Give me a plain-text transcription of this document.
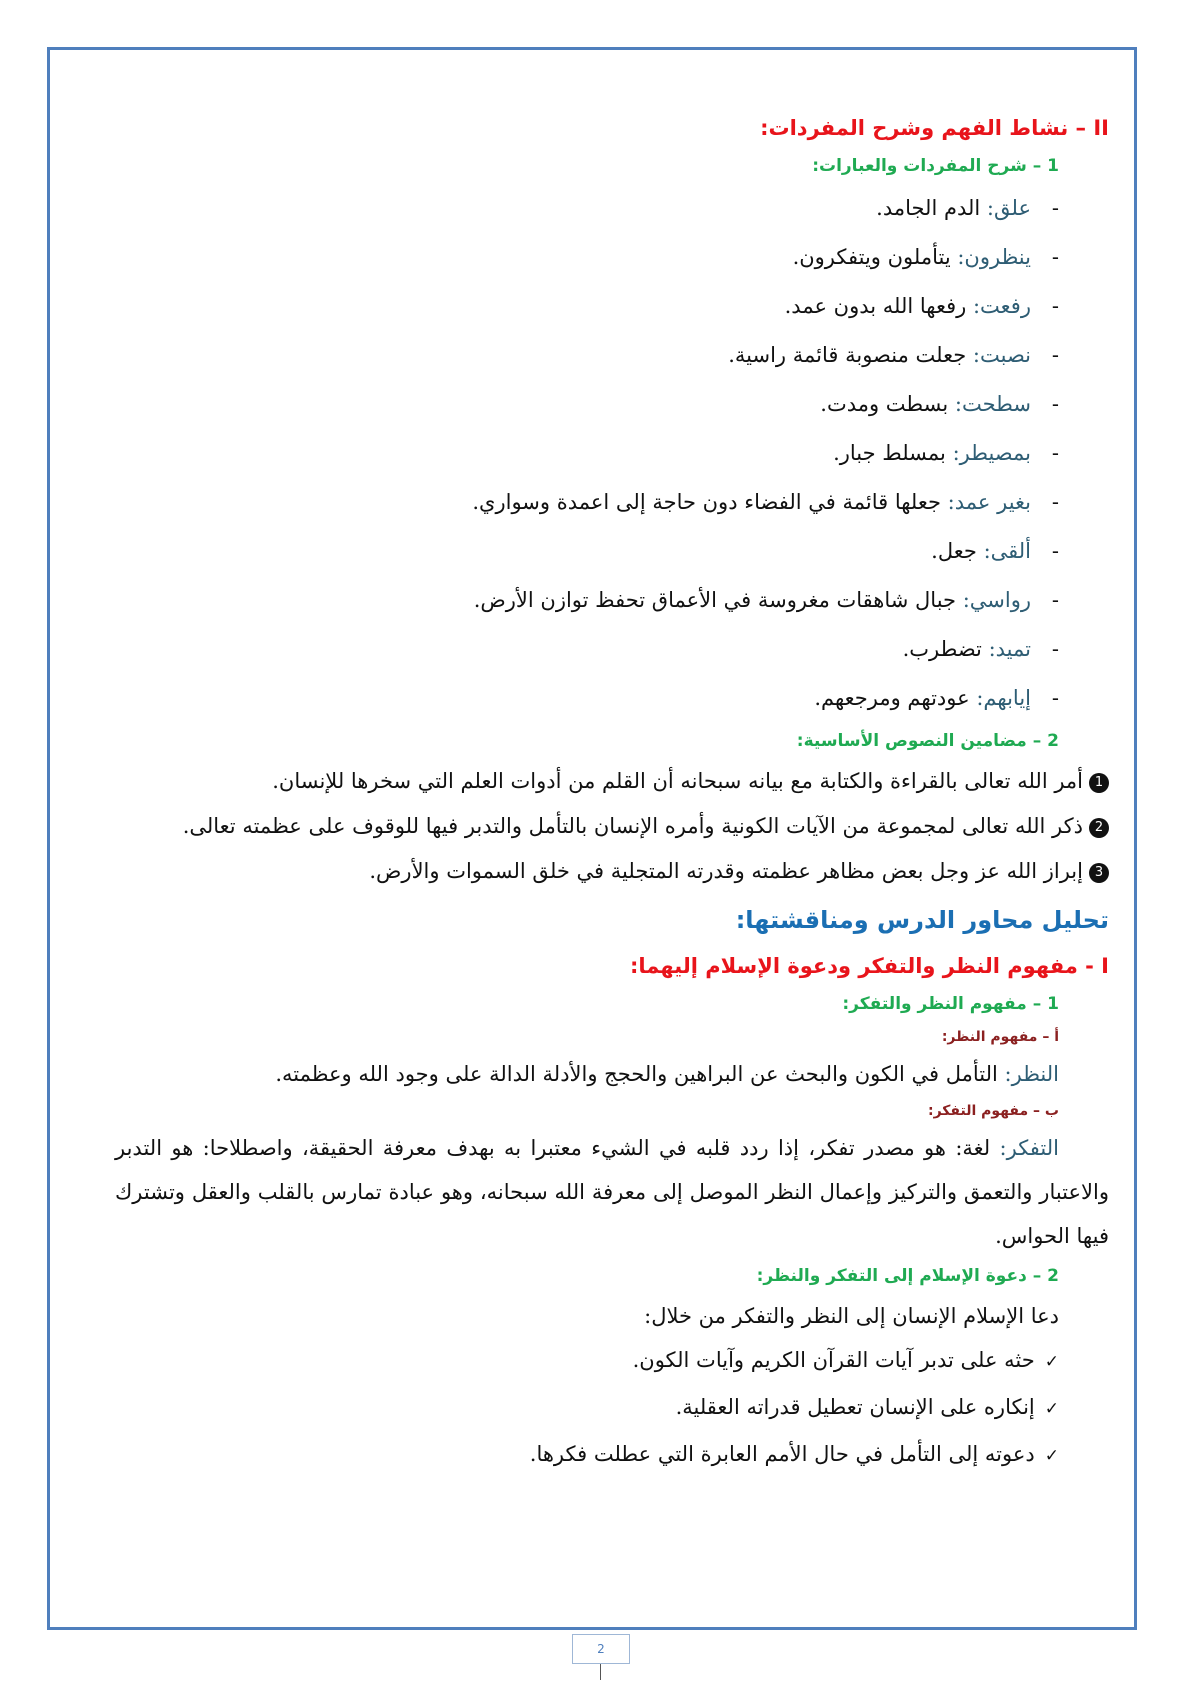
II – نشاط الفهم وشرح المفردات:
1 – شرح المفردات والعبارات:
- علق: الدم الجامد.
- ينظرون: يتأملون ويتفكرون.
- رفعت: رفعها الله بدون عمد.
- نصبت: جعلت منصوبة قائمة راسية.
- سطحت: بسطت ومدت.
- بمصيطر: بمسلط جبار.
- بغير عمد: جعلها قائمة في الفضاء دون حاجة إلى اعمدة وسواري.
- ألقى: جعل.
- رواسي: جبال شاهقات مغروسة في الأعماق تحفظ توازن الأرض.
- تميد: تضطرب.
- إيابهم: عودتهم ومرجعهم.
2 – مضامين النصوص الأساسية:
1أمر الله تعالى بالقراءة والكتابة مع بيانه سبحانه أن القلم من أدوات العلم التي سخرها للإنسان.
2ذكر الله تعالى لمجموعة من الآيات الكونية وأمره الإنسان بالتأمل والتدبر فيها للوقوف على عظمته تعالى.
3إبراز الله عز وجل بعض مظاهر عظمته وقدرته المتجلية في خلق السموات والأرض.
تحليل محاور الدرس ومناقشتها:
I - مفهوم النظر والتفكر ودعوة الإسلام إليهما:
1 – مفهوم النظر والتفكر:
أ – مفهوم النظر:

النظر: التأمل في الكون والبحث عن البراهين والحجج والأدلة الدالة على وجود الله وعظمته.

ب – مفهوم التفكر:

التفكر: لغة: هو مصدر تفكر، إذا ردد قلبه في الشيء معتبرا به بهدف معرفة الحقيقة، واصطلاحا: هو التدبر والاعتبار والتعمق والتركيز وإعمال النظر الموصل إلى معرفة الله سبحانه، وهو عبادة تمارس بالقلب والعقل وتشترك فيها الحواس.

2 – دعوة الإسلام إلى التفكر والنظر:

دعا الإسلام الإنسان إلى النظر والتفكر من خلال:

✓حثه على تدبر آيات القرآن الكريم وآيات الكون.
✓إنكاره على الإنسان تعطيل قدراته العقلية.
✓دعوته إلى التأمل في حال الأمم العابرة التي عطلت فكرها.
2
